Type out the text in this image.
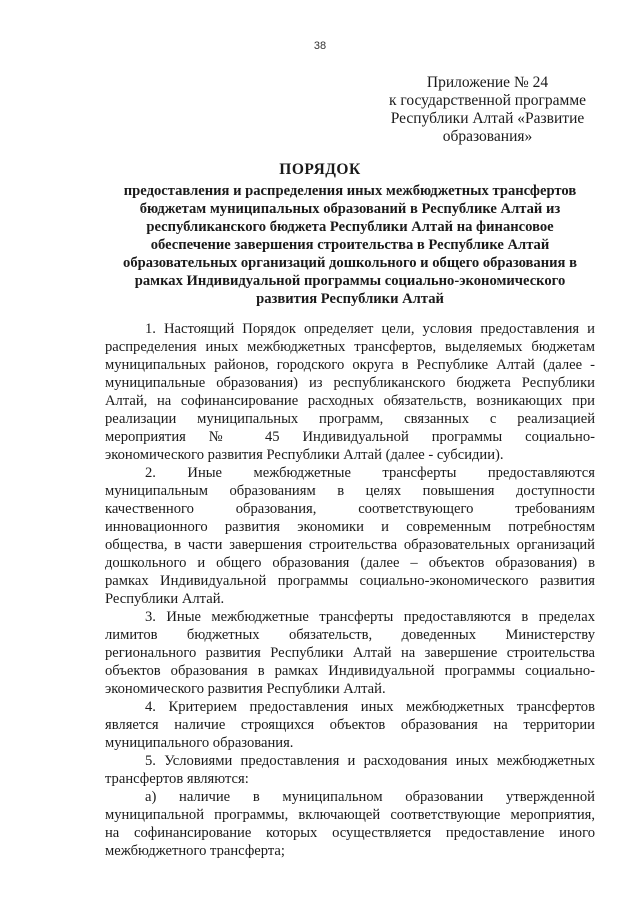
38
Приложение № 24
к государственной программе
Республики Алтай «Развитие
образования»
ПОРЯДОК
предоставления и распределения иных межбюджетных трансфертов
бюджетам муниципальных образований в Республике Алтай из
республиканского бюджета Республики Алтай на финансовое
обеспечение завершения строительства в Республике Алтай
образовательных организаций дошкольного и общего образования в
рамках Индивидуальной программы социально-экономического
развития Республики Алтай
1. Настоящий Порядок определяет цели, условия предоставления и
распределения иных межбюджетных трансфертов, выделяемых бюджетам
муниципальных районов, городского округа в Республике Алтай (далее -
муниципальные образования) из республиканского бюджета Республики
Алтай, на софинансирование расходных обязательств, возникающих при
реализации муниципальных программ, связанных с реализацией
мероприятия № 45 Индивидуальной программы социально-
экономического развития Республики Алтай (далее - субсидии).
2. Иные межбюджетные трансферты предоставляются
муниципальным образованиям в целях повышения доступности
качественного образования, соответствующего требованиям
инновационного развития экономики и современным потребностям
общества, в части завершения строительства образовательных организаций
дошкольного и общего образования (далее – объектов образования) в
рамках Индивидуальной программы социально-экономического развития
Республики Алтай.
3. Иные межбюджетные трансферты предоставляются в пределах
лимитов бюджетных обязательств, доведенных Министерству
регионального развития Республики Алтай на завершение строительства
объектов образования в рамках Индивидуальной программы социально-
экономического развития Республики Алтай.
4. Критерием предоставления иных межбюджетных трансфертов
является наличие строящихся объектов образования на территории
муниципального образования.
5. Условиями предоставления и расходования иных межбюджетных
трансфертов являются:
а) наличие в муниципальном образовании утвержденной
муниципальной программы, включающей соответствующие мероприятия,
на софинансирование которых осуществляется предоставление иного
межбюджетного трансферта;
